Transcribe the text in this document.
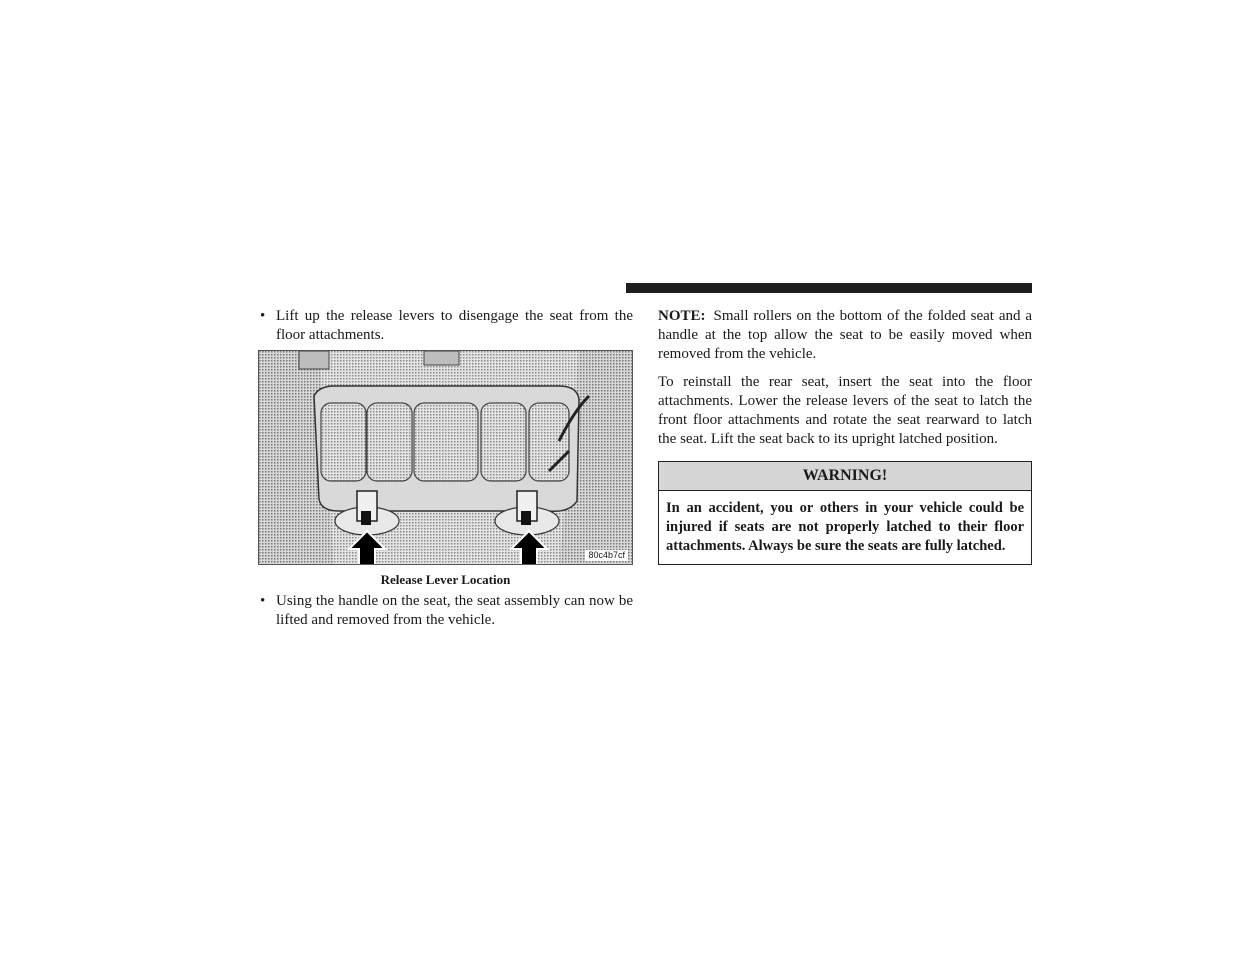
• Lift up the release levers to disengage the seat from the floor attachments.
80c4b7cf
Release Lever Location
• Using the handle on the seat, the seat assembly can now be lifted and removed from the vehicle.

NOTE: Small rollers on the bottom of the folded seat and a handle at the top allow the seat to be easily moved when removed from the vehicle.

To reinstall the rear seat, insert the seat into the floor attachments. Lower the release levers of the seat to latch the front floor attachments and rotate the seat rearward to latch the seat. Lift the seat back to its upright latched position.

WARNING!
In an accident, you or others in your vehicle could be injured if seats are not properly latched to their floor attachments. Always be sure the seats are fully latched.
